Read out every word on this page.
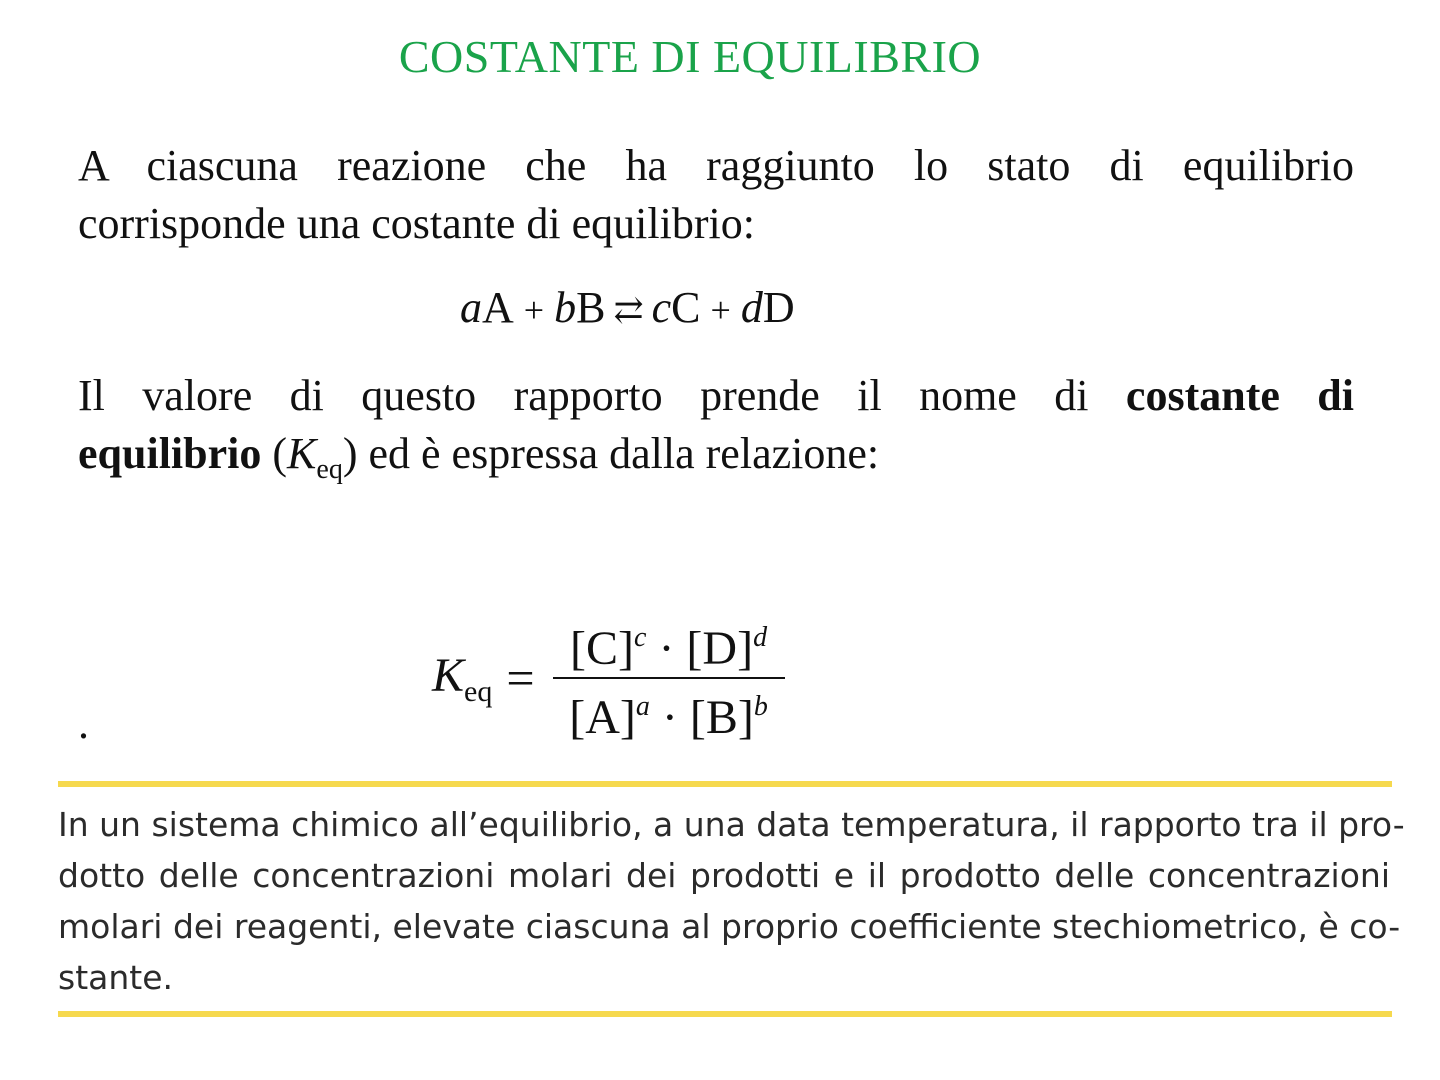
COSTANTE DI EQUILIBRIO
A ciascuna reazione che ha raggiunto lo stato di equilibrio
corrisponde una costante di equilibrio:
aA + bB ⇄ cC + dD
Il valore di questo rapporto prende il nome di costante di
equilibrio $(K_{eq})$ ed è espressa dalla relazione:
$K_{eq} = \frac{[C]^c \cdot [D]^d}{[A]^a \cdot [B]^b}$
.
In un sistema chimico all’equilibrio, a una data temperatura, il rapporto tra il pro-
dotto delle concentrazioni molari dei prodotti e il prodotto delle concentrazioni
molari dei reagenti, elevate ciascuna al proprio coefficiente stechiometrico, è co-
stante.
